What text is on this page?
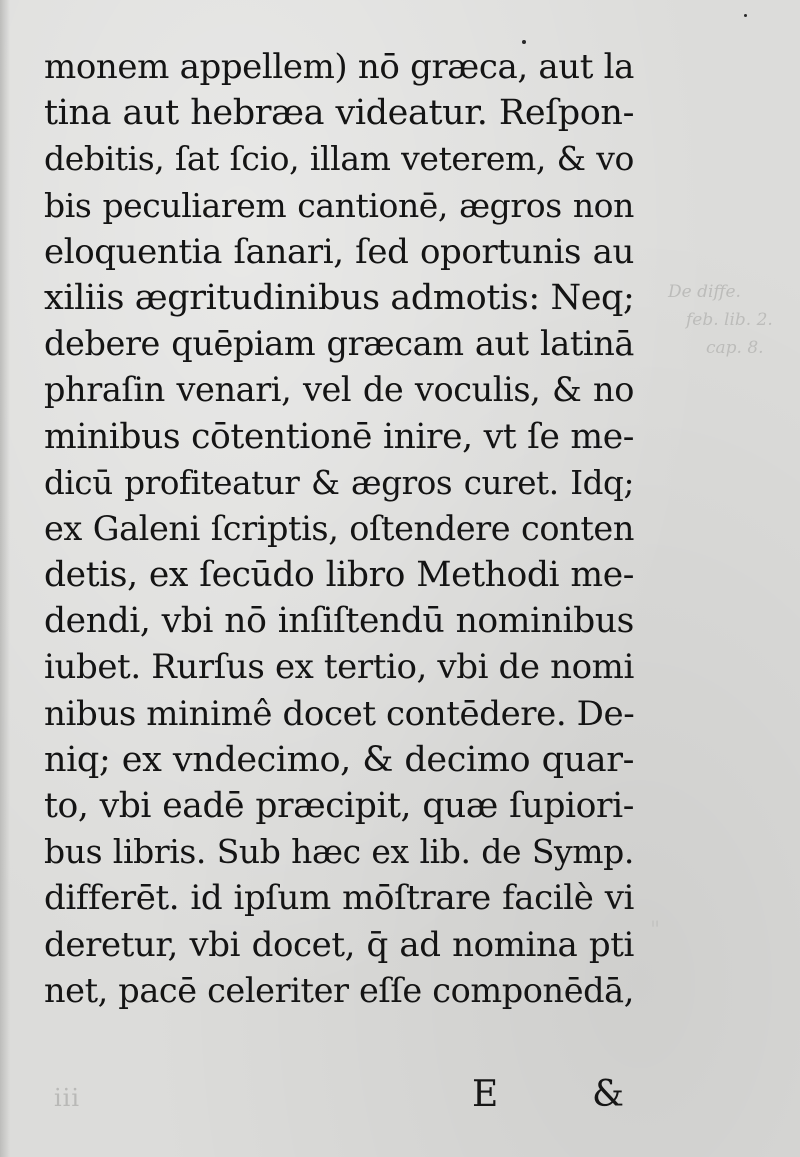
monem appellem) nō græca, aut la
tina aut hebræa videatur. Reſpon-
debitis, ſat ſcio, illam veterem, & vo
bis peculiarem cantionē, ægros non
eloquentia ſanari, ſed oportunis au
xiliis ægritudinibus admotis: Neq;
debere quēpiam græcam aut latinā
phraſin venari, vel de voculis, & no
minibus cōtentionē inire, vt ſe me-
dicū profiteatur & ægros curet. Idq;
ex Galeni ſcriptis, oſtendere conten
detis, ex ſecūdo libro Methodi me-
dendi, vbi nō inſiſtendū nominibus
iubet. Rurſus ex tertio, vbi de nomi
nibus minimê docet contēdere. De-
niq; ex vndecimo, & decimo quar-
to, vbi eadē præcipit, quæ ſupiori-
bus libris. Sub hæc ex lib. de Symp.
differēt. id ipſum mōſtrare facilè vi
deretur, vbi docet, q̄ ad nomina pti
net, pacē celeriter eſſe componēdā,
De diffe.
feb. lib. 2.
cap. 8.
iii	E	&
"
